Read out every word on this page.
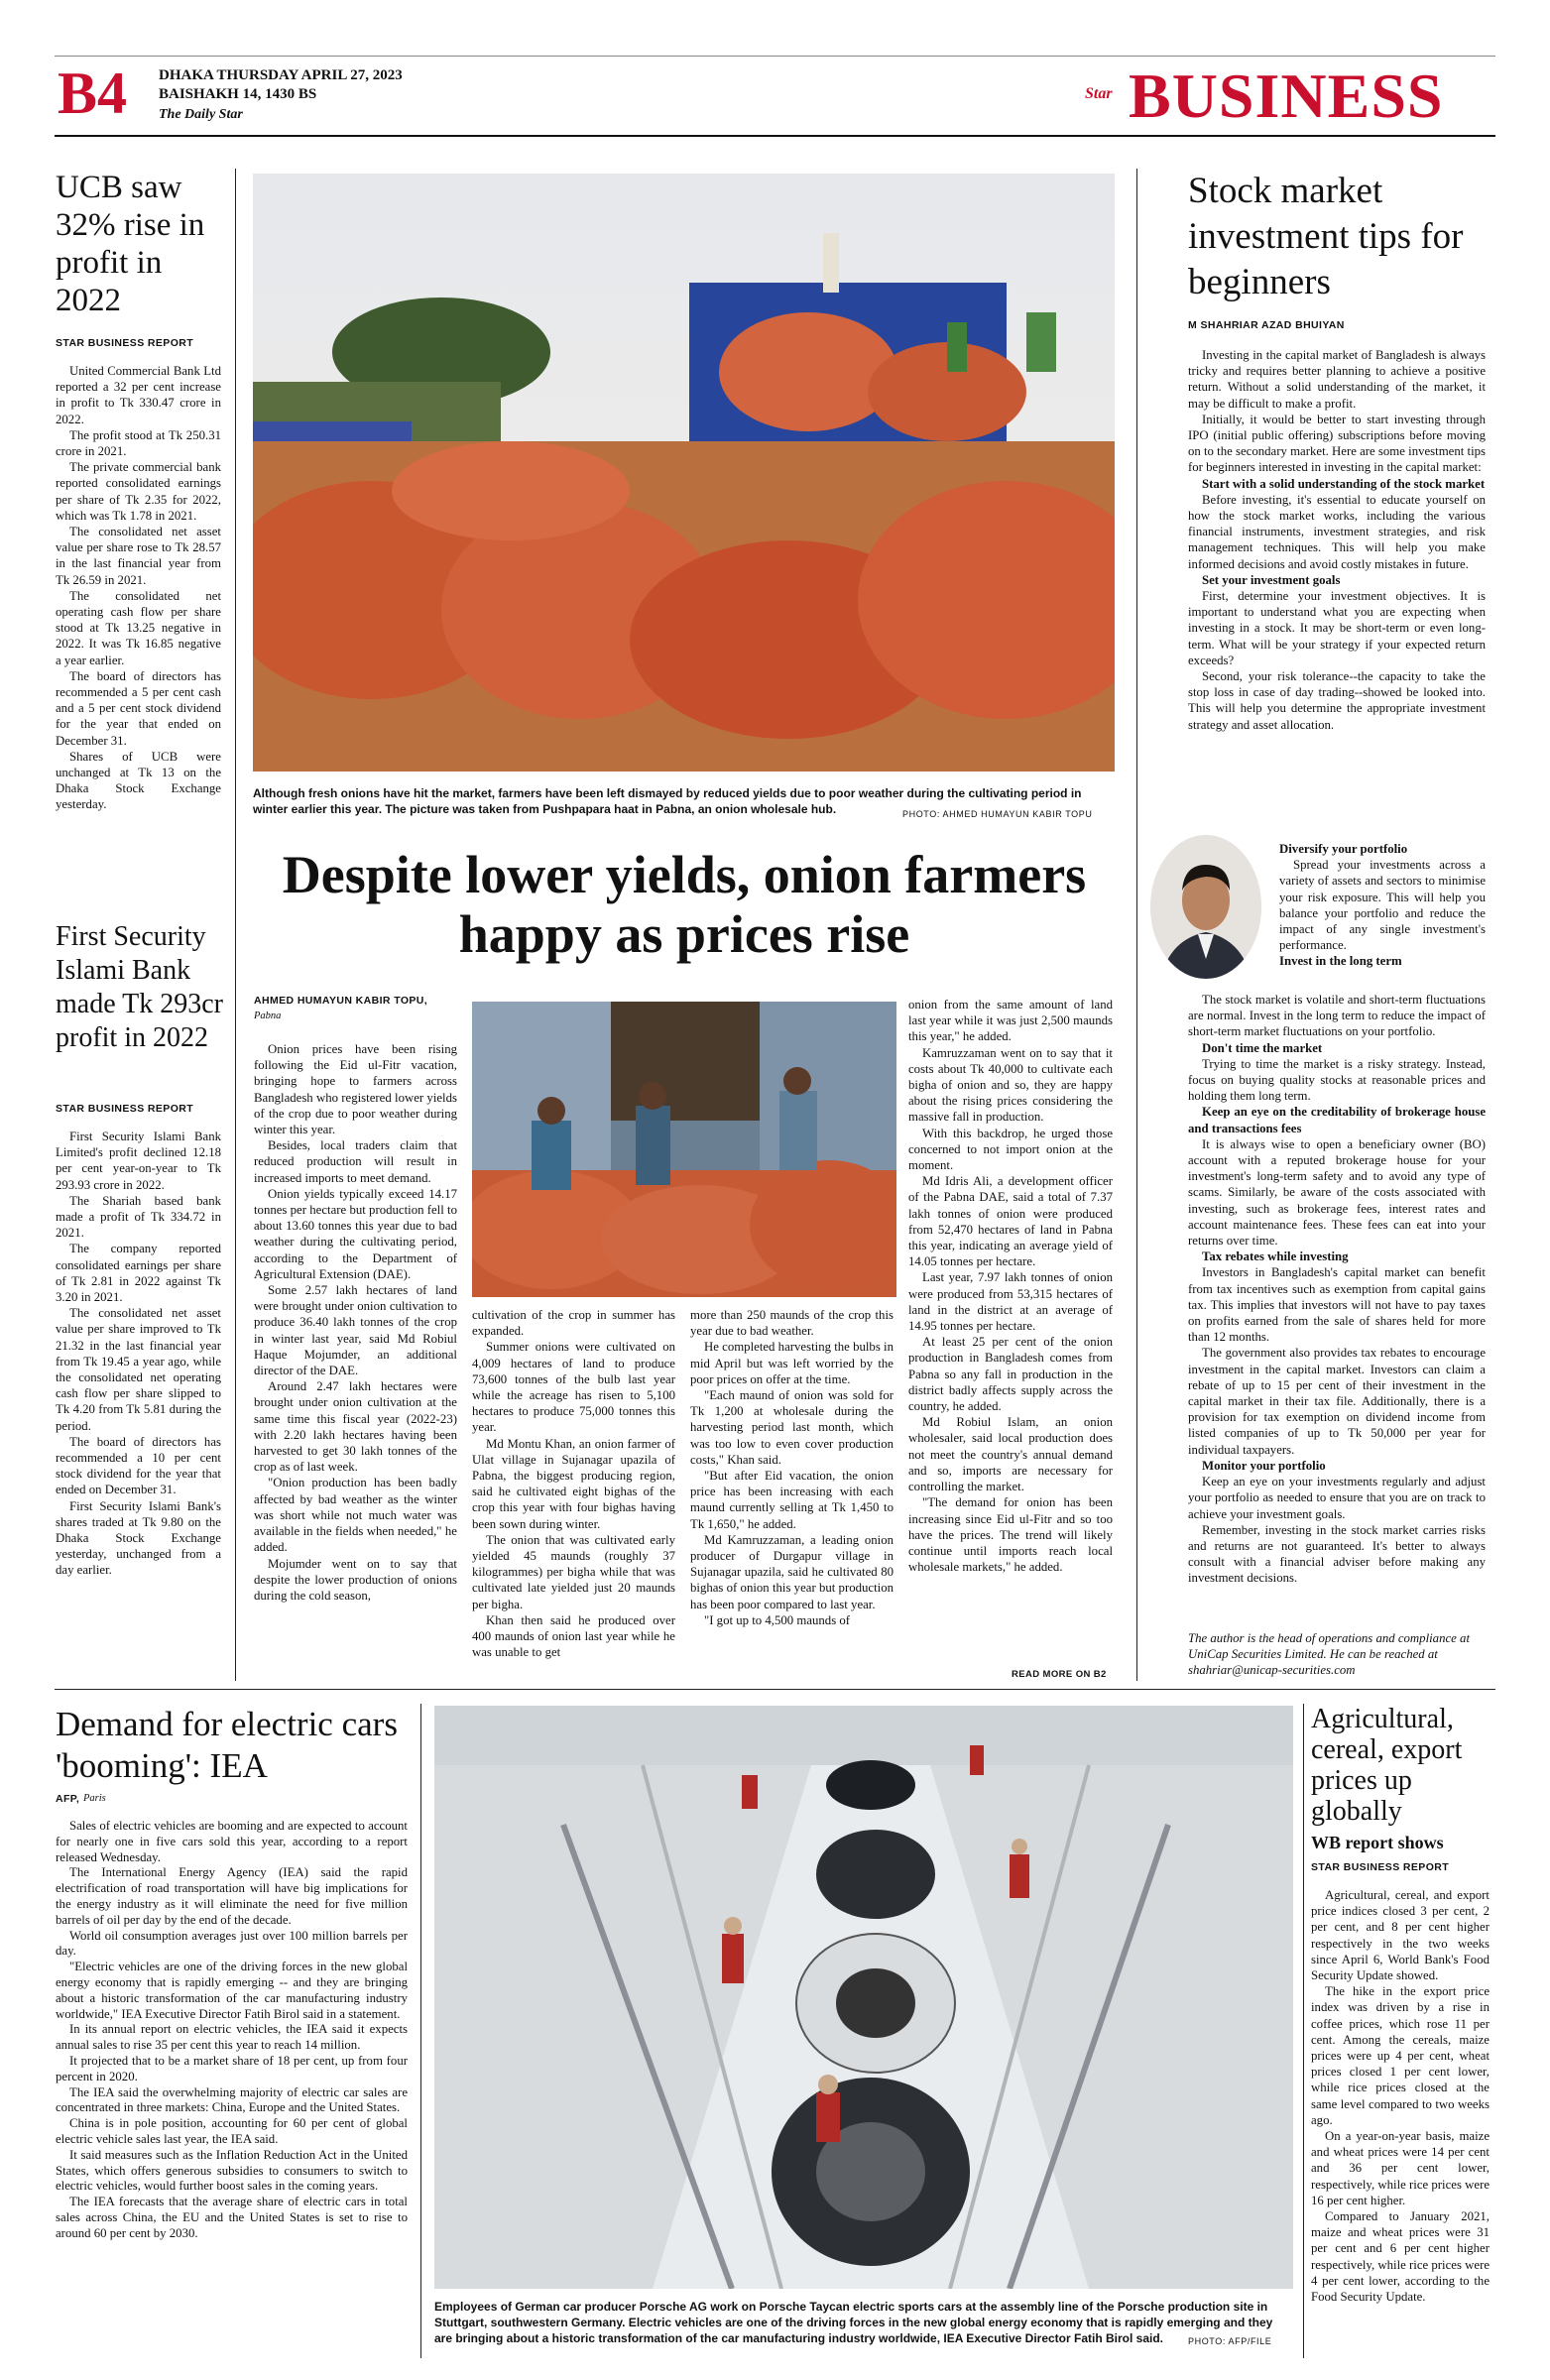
B4 DHAKA THURSDAY APRIL 27, 2023
BAISHAKH 14, 1430 BS
The Daily Star
Star BUSINESS
UCB saw 32% rise in profit in 2022
STAR BUSINESS REPORT

United Commercial Bank Ltd reported a 32 per cent increase in profit to Tk 330.47 crore in 2022.

The profit stood at Tk 250.31 crore in 2021.

The private commercial bank reported consolidated earnings per share of Tk 2.35 for 2022, which was Tk 1.78 in 2021.

The consolidated net asset value per share rose to Tk 28.57 in the last financial year from Tk 26.59 in 2021.

The consolidated net operating cash flow per share stood at Tk 13.25 negative in 2022. It was Tk 16.85 negative a year earlier.

The board of directors has recommended a 5 per cent cash and a 5 per cent stock dividend for the year that ended on December 31.

Shares of UCB were unchanged at Tk 13 on the Dhaka Stock Exchange yesterday.

First Security Islami Bank made Tk 293cr profit in 2022
STAR BUSINESS REPORT

First Security Islami Bank Limited's profit declined 12.18 per cent year-on-year to Tk 293.93 crore in 2022.

The Shariah based bank made a profit of Tk 334.72 in 2021.

The company reported consolidated earnings per share of Tk 2.81 in 2022 against Tk 3.20 in 2021.

The consolidated net asset value per share improved to Tk 21.32 in the last financial year from Tk 19.45 a year ago, while the consolidated net operating cash flow per share slipped to Tk 4.20 from Tk 5.81 during the period.

The board of directors has recommended a 10 per cent stock dividend for the year that ended on December 31.

First Security Islami Bank's shares traded at Tk 9.80 on the Dhaka Stock Exchange yesterday, unchanged from a day earlier.

Although fresh onions have hit the market, farmers have been left dismayed by reduced yields due to poor weather during the cultivating period in winter earlier this year. The picture was taken from Pushpapara haat in Pabna, an onion wholesale hub.	PHOTO: AHMED HUMAYUN KABIR TOPU
Despite lower yields, onion farmers happy as prices rise
AHMED HUMAYUN KABIR TOPU,
Pabna

Onion prices have been rising following the Eid ul-Fitr vacation, bringing hope to farmers across Bangladesh who registered lower yields of the crop due to poor weather during winter this year.

Besides, local traders claim that reduced production will result in increased imports to meet demand.

Onion yields typically exceed 14.17 tonnes per hectare but production fell to about 13.60 tonnes this year due to bad weather during the cultivating period, according to the Department of Agricultural Extension (DAE).

Some 2.57 lakh hectares of land were brought under onion cultivation to produce 36.40 lakh tonnes of the crop in winter last year, said Md Robiul Haque Mojumder, an additional director of the DAE.

Around 2.47 lakh hectares were brought under onion cultivation at the same time this fiscal year (2022-23) with 2.20 lakh hectares having been harvested to get 30 lakh tonnes of the crop as of last week.

"Onion production has been badly affected by bad weather as the winter was short while not much water was available in the fields when needed," he added.

Mojumder went on to say that despite the lower production of onions during the cold season,

cultivation of the crop in summer has expanded.

Summer onions were cultivated on 4,009 hectares of land to produce 73,600 tonnes of the bulb last year while the acreage has risen to 5,100 hectares to produce 75,000 tonnes this year.

Md Montu Khan, an onion farmer of Ulat village in Sujanagar upazila of Pabna, the biggest producing region, said he cultivated eight bighas of the crop this year with four bighas having been sown during winter.

The onion that was cultivated early yielded 45 maunds (roughly 37 kilogrammes) per bigha while that was cultivated late yielded just 20 maunds per bigha.

Khan then said he produced over 400 maunds of onion last year while he was unable to get

more than 250 maunds of the crop this year due to bad weather.

He completed harvesting the bulbs in mid April but was left worried by the poor prices on offer at the time.

"Each maund of onion was sold for Tk 1,200 at wholesale during the harvesting period last month, which was too low to even cover production costs," Khan said.

"But after Eid vacation, the onion price has been increasing with each maund currently selling at Tk 1,450 to Tk 1,650," he added.

Md Kamruzzaman, a leading onion producer of Durgapur village in Sujanagar upazila, said he cultivated 80 bighas of onion this year but production has been poor compared to last year.

"I got up to 4,500 maunds of

onion from the same amount of land last year while it was just 2,500 maunds this year," he added.

Kamruzzaman went on to say that it costs about Tk 40,000 to cultivate each bigha of onion and so, they are happy about the rising prices considering the massive fall in production.

With this backdrop, he urged those concerned to not import onion at the moment.

Md Idris Ali, a development officer of the Pabna DAE, said a total of 7.37 lakh tonnes of onion were produced from 52,470 hectares of land in Pabna this year, indicating an average yield of 14.05 tonnes per hectare.

Last year, 7.97 lakh tonnes of onion were produced from 53,315 hectares of land in the district at an average of 14.95 tonnes per hectare.

At least 25 per cent of the onion production in Bangladesh comes from Pabna so any fall in production in the district badly affects supply across the country, he added.

Md Robiul Islam, an onion wholesaler, said local production does not meet the country's annual demand and so, imports are necessary for controlling the market.

"The demand for onion has been increasing since Eid ul-Fitr and so too have the prices. The trend will likely continue until imports reach local wholesale markets," he added.

READ MORE ON B2
Stock market investment tips for beginners
M SHAHRIAR AZAD BHUIYAN

Investing in the capital market of Bangladesh is always tricky and requires better planning to achieve a positive return. Without a solid understanding of the market, it may be difficult to make a profit.

Initially, it would be better to start investing through IPO (initial public offering) subscriptions before moving on to the secondary market. Here are some investment tips for beginners interested in investing in the capital market:

Start with a solid understanding of the stock market

Before investing, it's essential to educate yourself on how the stock market works, including the various financial instruments, investment strategies, and risk management techniques. This will help you make informed decisions and avoid costly mistakes in future.

Set your investment goals

First, determine your investment objectives. It is important to understand what you are expecting when investing in a stock. It may be short-term or even long-term. What will be your strategy if your expected return exceeds?

Second, your risk tolerance--the capacity to take the stop loss in case of day trading--showed be looked into. This will help you determine the appropriate investment strategy and asset allocation.

Diversify your portfolio

Spread your investments across a variety of assets and sectors to minimise your risk exposure. This will help you balance your portfolio and reduce the impact of any single investment's performance.

Invest in the long term

The stock market is volatile and short-term fluctuations are normal. Invest in the long term to reduce the impact of short-term market fluctuations on your portfolio.

Don't time the market

Trying to time the market is a risky strategy. Instead, focus on buying quality stocks at reasonable prices and holding them long term.

Keep an eye on the creditability of brokerage house and transactions fees

It is always wise to open a beneficiary owner (BO) account with a reputed brokerage house for your investment's long-term safety and to avoid any type of scams. Similarly, be aware of the costs associated with investing, such as brokerage fees, interest rates and account maintenance fees. These fees can eat into your returns over time.

Tax rebates while investing

Investors in Bangladesh's capital market can benefit from tax incentives such as exemption from capital gains tax. This implies that investors will not have to pay taxes on profits earned from the sale of shares held for more than 12 months.

The government also provides tax rebates to encourage investment in the capital market. Investors can claim a rebate of up to 15 per cent of their investment in the capital market in their tax file. Additionally, there is a provision for tax exemption on dividend income from listed companies of up to Tk 50,000 per year for individual taxpayers.

Monitor your portfolio

Keep an eye on your investments regularly and adjust your portfolio as needed to ensure that you are on track to achieve your investment goals.

Remember, investing in the stock market carries risks and returns are not guaranteed. It's better to always consult with a financial adviser before making any investment decisions.

The author is the head of operations and compliance at UniCap Securities Limited. He can be reached at shahriar@unicap-securities.com
Demand for electric cars 'booming': IEA
AFP, Paris

Sales of electric vehicles are booming and are expected to account for nearly one in five cars sold this year, according to a report released Wednesday.

The International Energy Agency (IEA) said the rapid electrification of road transportation will have big implications for the energy industry as it will eliminate the need for five million barrels of oil per day by the end of the decade.

World oil consumption averages just over 100 million barrels per day.

"Electric vehicles are one of the driving forces in the new global energy economy that is rapidly emerging -- and they are bringing about a historic transformation of the car manufacturing industry worldwide," IEA Executive Director Fatih Birol said in a statement.

In its annual report on electric vehicles, the IEA said it expects annual sales to rise 35 per cent this year to reach 14 million.

It projected that to be a market share of 18 per cent, up from four percent in 2020.

The IEA said the overwhelming majority of electric car sales are concentrated in three markets: China, Europe and the United States.

China is in pole position, accounting for 60 per cent of global electric vehicle sales last year, the IEA said.

It said measures such as the Inflation Reduction Act in the United States, which offers generous subsidies to consumers to switch to electric vehicles, would further boost sales in the coming years.

The IEA forecasts that the average share of electric cars in total sales across China, the EU and the United States is set to rise to around 60 per cent by 2030.

Employees of German car producer Porsche AG work on Porsche Taycan electric sports cars at the assembly line of the Porsche production site in Stuttgart, southwestern Germany. Electric vehicles are one of the driving forces in the new global energy economy that is rapidly emerging and they are bringing about a historic transformation of the car manufacturing industry worldwide, IEA Executive Director Fatih Birol said.	PHOTO: AFP/FILE
Agricultural, cereal, export prices up globally
WB report shows
STAR BUSINESS REPORT

Agricultural, cereal, and export price indices closed 3 per cent, 2 per cent, and 8 per cent higher respectively in the two weeks since April 6, World Bank's Food Security Update showed.

The hike in the export price index was driven by a rise in coffee prices, which rose 11 per cent. Among the cereals, maize prices were up 4 per cent, wheat prices closed 1 per cent lower, while rice prices closed at the same level compared to two weeks ago.

On a year-on-year basis, maize and wheat prices were 14 per cent and 36 per cent lower, respectively, while rice prices were 16 per cent higher.

Compared to January 2021, maize and wheat prices were 31 per cent and 6 per cent higher respectively, while rice prices were 4 per cent lower, according to the Food Security Update.
